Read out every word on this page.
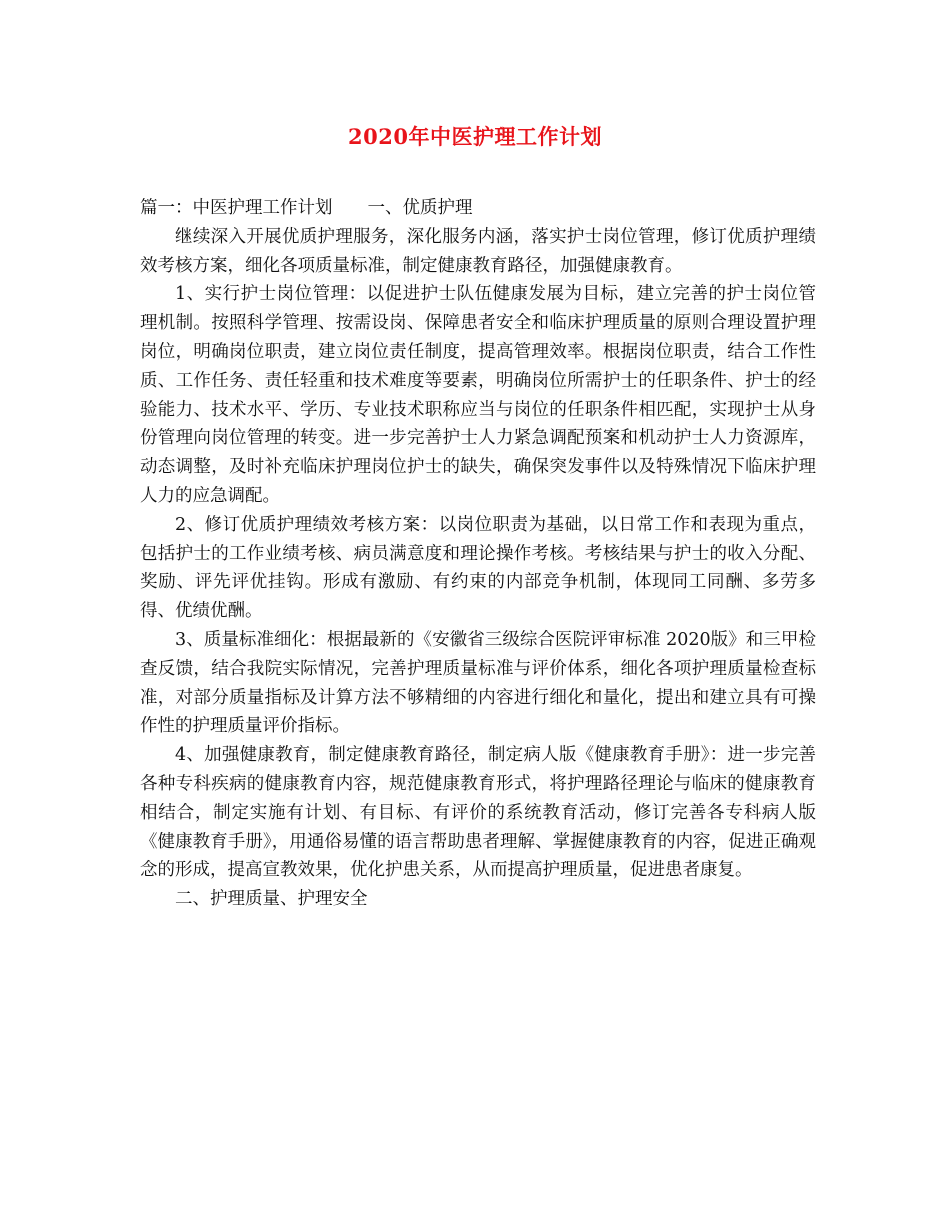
2020年中医护理工作计划

篇一：中医护理工作计划　　一、优质护理

继续深入开展优质护理服务，深化服务内涵，落实护士岗位管理，修订优质护理绩效考核方案，细化各项质量标准，制定健康教育路径，加强健康教育。

1、实行护士岗位管理：以促进护士队伍健康发展为目标，建立完善的护士岗位管理机制。按照科学管理、按需设岗、保障患者安全和临床护理质量的原则合理设置护理岗位，明确岗位职责，建立岗位责任制度，提高管理效率。根据岗位职责，结合工作性质、工作任务、责任轻重和技术难度等要素，明确岗位所需护士的任职条件、护士的经验能力、技术水平、学历、专业技术职称应当与岗位的任职条件相匹配，实现护士从身份管理向岗位管理的转变。进一步完善护士人力紧急调配预案和机动护士人力资源库，动态调整，及时补充临床护理岗位护士的缺失，确保突发事件以及特殊情况下临床护理人力的应急调配。

2、修订优质护理绩效考核方案：以岗位职责为基础，以日常工作和表现为重点，包括护士的工作业绩考核、病员满意度和理论操作考核。考核结果与护士的收入分配、奖励、评先评优挂钩。形成有激励、有约束的内部竞争机制，体现同工同酬、多劳多得、优绩优酬。

3、质量标准细化：根据最新的《安徽省三级综合医院评审标准 2020版》和三甲检查反馈，结合我院实际情况，完善护理质量标准与评价体系，细化各项护理质量检查标准，对部分质量指标及计算方法不够精细的内容进行细化和量化，提出和建立具有可操作性的护理质量评价指标。

4、加强健康教育，制定健康教育路径，制定病人版《健康教育手册》：进一步完善各种专科疾病的健康教育内容，规范健康教育形式，将护理路径理论与临床的健康教育相结合，制定实施有计划、有目标、有评价的系统教育活动，修订完善各专科病人版《健康教育手册》，用通俗易懂的语言帮助患者理解、掌握健康教育的内容，促进正确观念的形成，提高宣教效果，优化护患关系，从而提高护理质量，促进患者康复。

二、护理质量、护理安全
